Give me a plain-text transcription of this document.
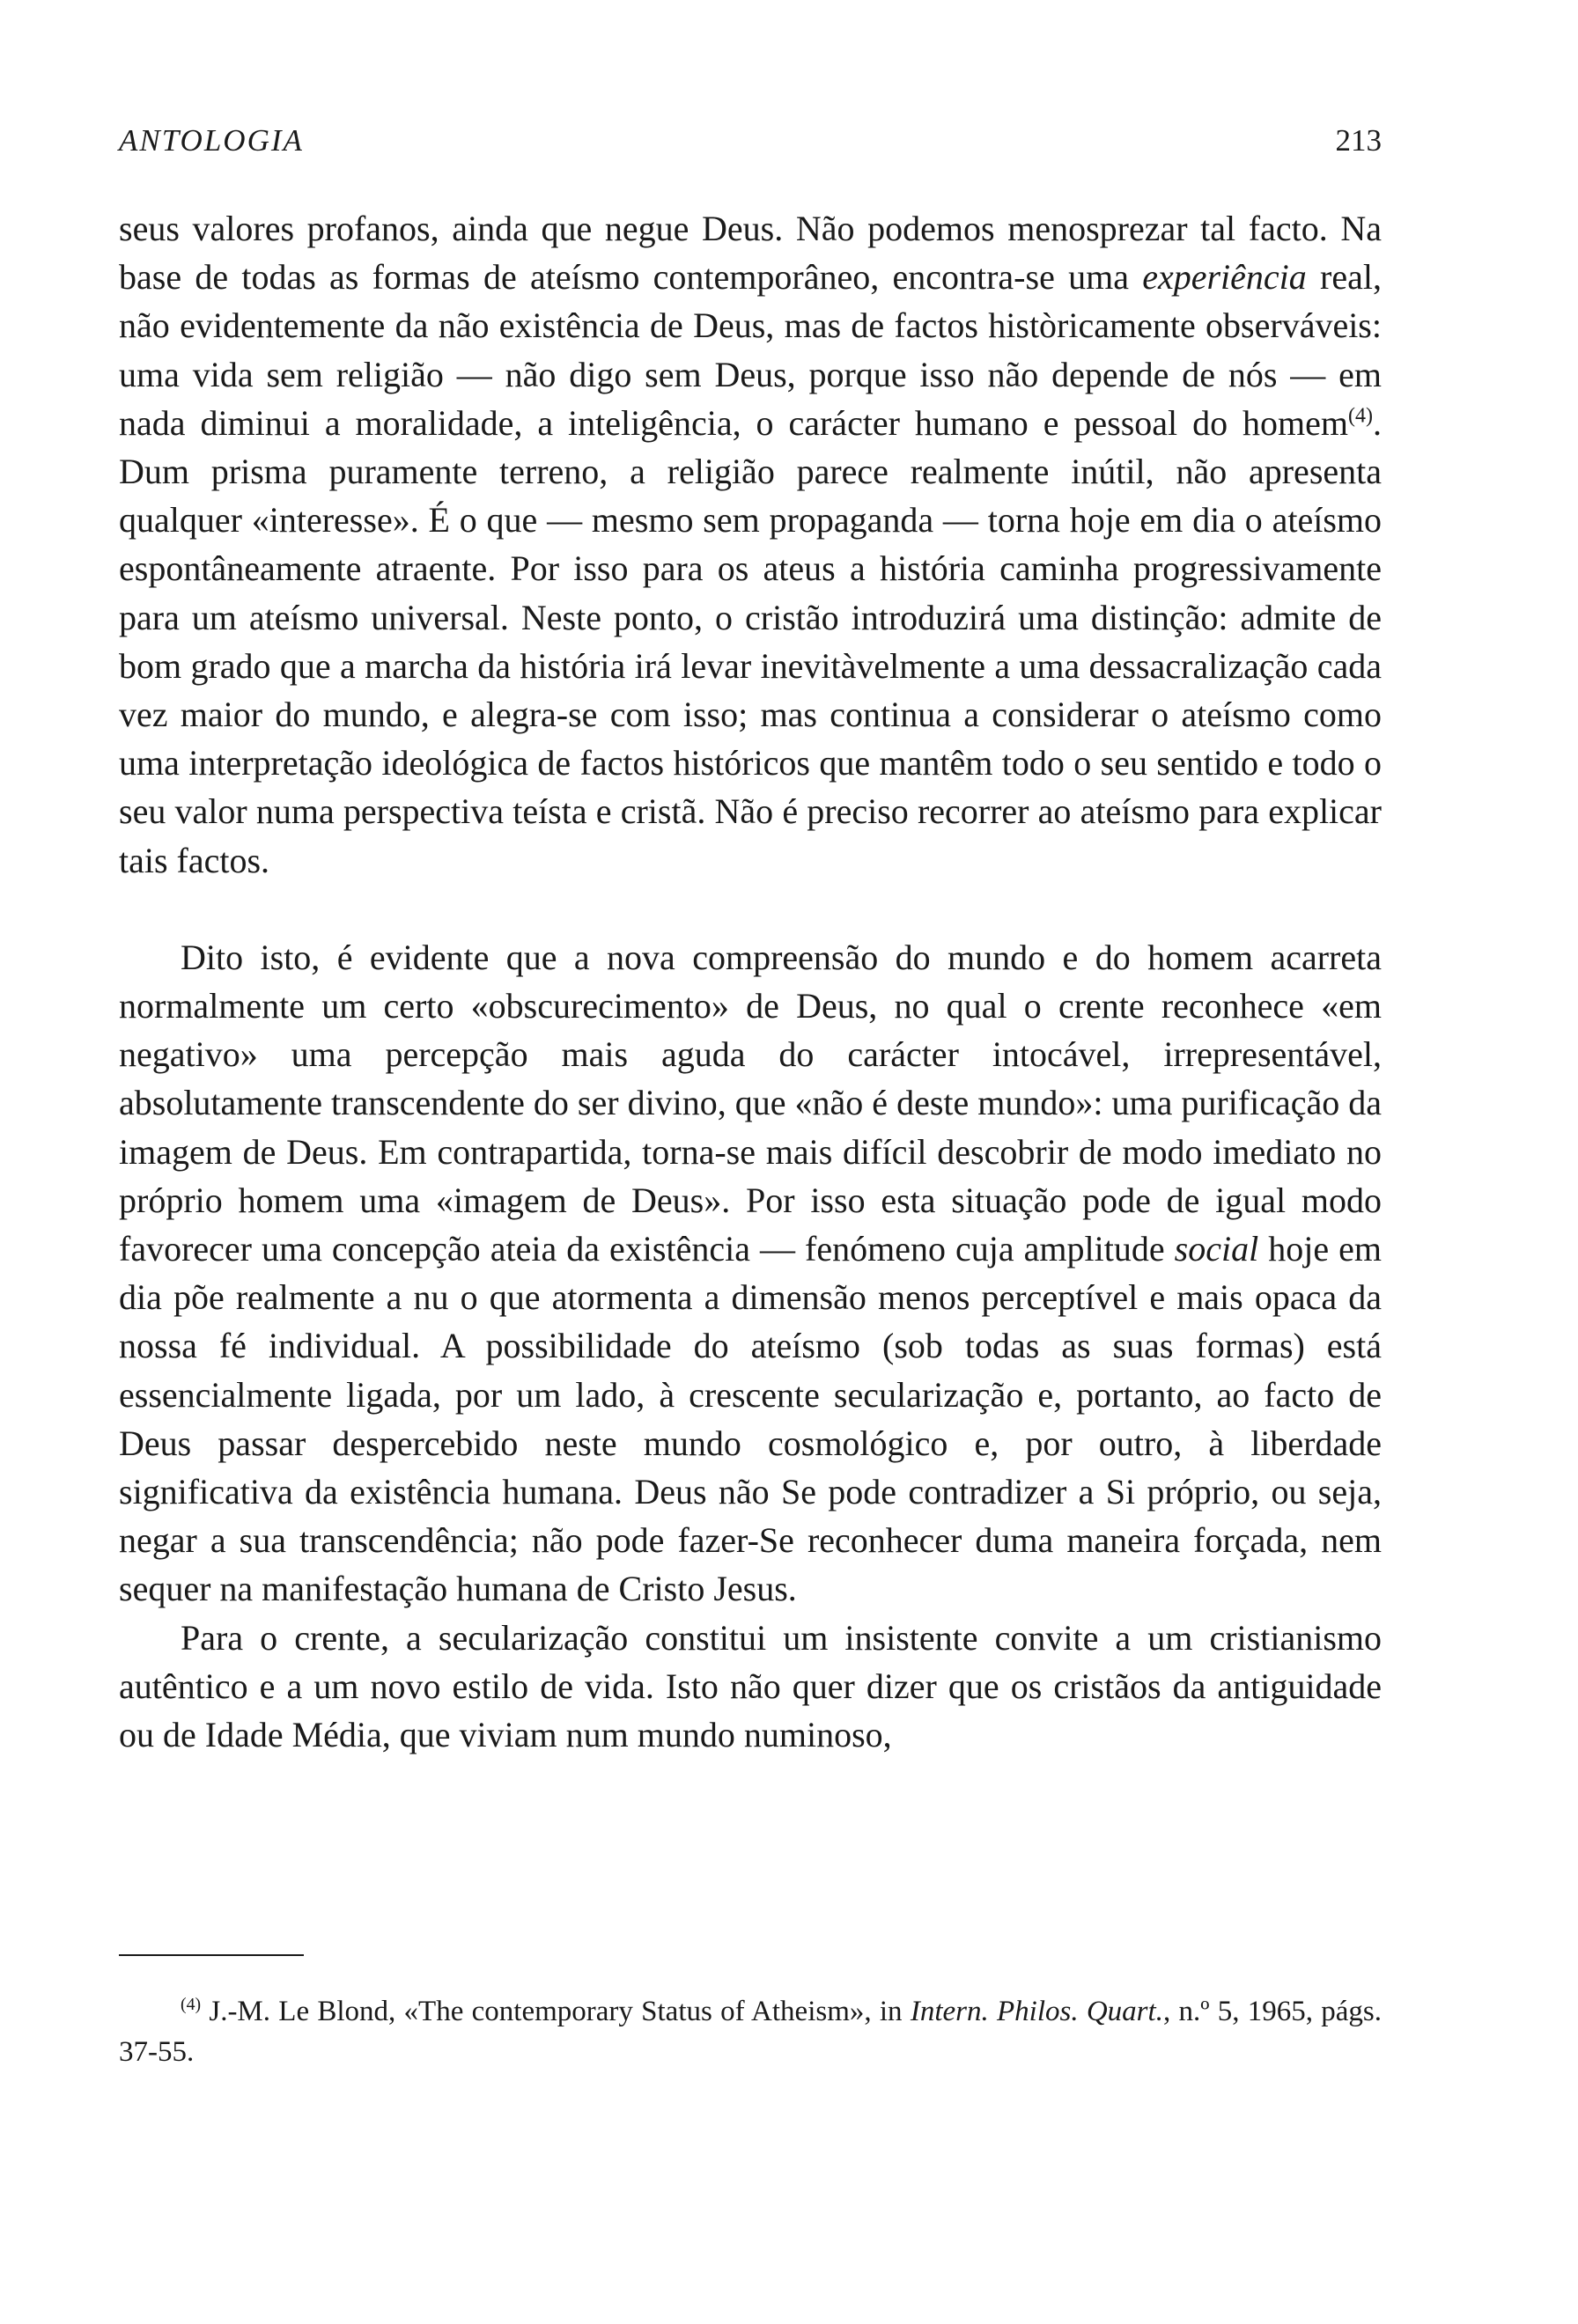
ANTOLOGIA	213

seus valores profanos, ainda que negue Deus. Não podemos menosprezar tal facto. Na base de todas as formas de ateísmo contemporâneo, encontra-se uma experiência real, não evidentemente da não existência de Deus, mas de factos històricamente observáveis: uma vida sem religião — não digo sem Deus, porque isso não depende de nós — em nada diminui a moralidade, a inteligência, o carácter humano e pessoal do homem$^{(4)}$. Dum prisma puramente terreno, a religião parece realmente inútil, não apresenta qualquer «interesse». É o que — mesmo sem propaganda — torna hoje em dia o ateísmo espontâneamente atraente. Por isso para os ateus a história caminha progressivamente para um ateísmo universal. Neste ponto, o cristão introduzirá uma distinção: admite de bom grado que a marcha da história irá levar inevitàvelmente a uma dessacralização cada vez maior do mundo, e alegra-se com isso; mas continua a considerar o ateísmo como uma interpretação ideológica de factos históricos que mantêm todo o seu sentido e todo o seu valor numa perspectiva teísta e cristã. Não é preciso recorrer ao ateísmo para explicar tais factos.

Dito isto, é evidente que a nova compreensão do mundo e do homem acarreta normalmente um certo «obscurecimento» de Deus, no qual o crente reconhece «em negativo» uma percepção mais aguda do carácter intocável, irrepresentável, absolutamente transcendente do ser divino, que «não é deste mundo»: uma purificação da imagem de Deus. Em contrapartida, torna-se mais difícil descobrir de modo imediato no próprio homem uma «imagem de Deus». Por isso esta situação pode de igual modo favorecer uma concepção ateia da existência — fenómeno cuja amplitude social hoje em dia põe realmente a nu o que atormenta a dimensão menos perceptível e mais opaca da nossa fé individual. A possibilidade do ateísmo (sob todas as suas formas) está essencialmente ligada, por um lado, à crescente secularização e, portanto, ao facto de Deus passar despercebido neste mundo cosmológico e, por outro, à liberdade significativa da existência humana. Deus não Se pode contradizer a Si próprio, ou seja, negar a sua transcendência; não pode fazer-Se reconhecer duma maneira forçada, nem sequer na manifestação humana de Cristo Jesus.

Para o crente, a secularização constitui um insistente convite a um cristianismo autêntico e a um novo estilo de vida. Isto não quer dizer que os cristãos da antiguidade ou de Idade Média, que viviam num mundo numinoso,

$^{(4)}$ J.-M. Le Blond, «The contemporary Status of Atheism», in Intern. Philos. Quart., n.º 5, 1965, págs. 37-55.
